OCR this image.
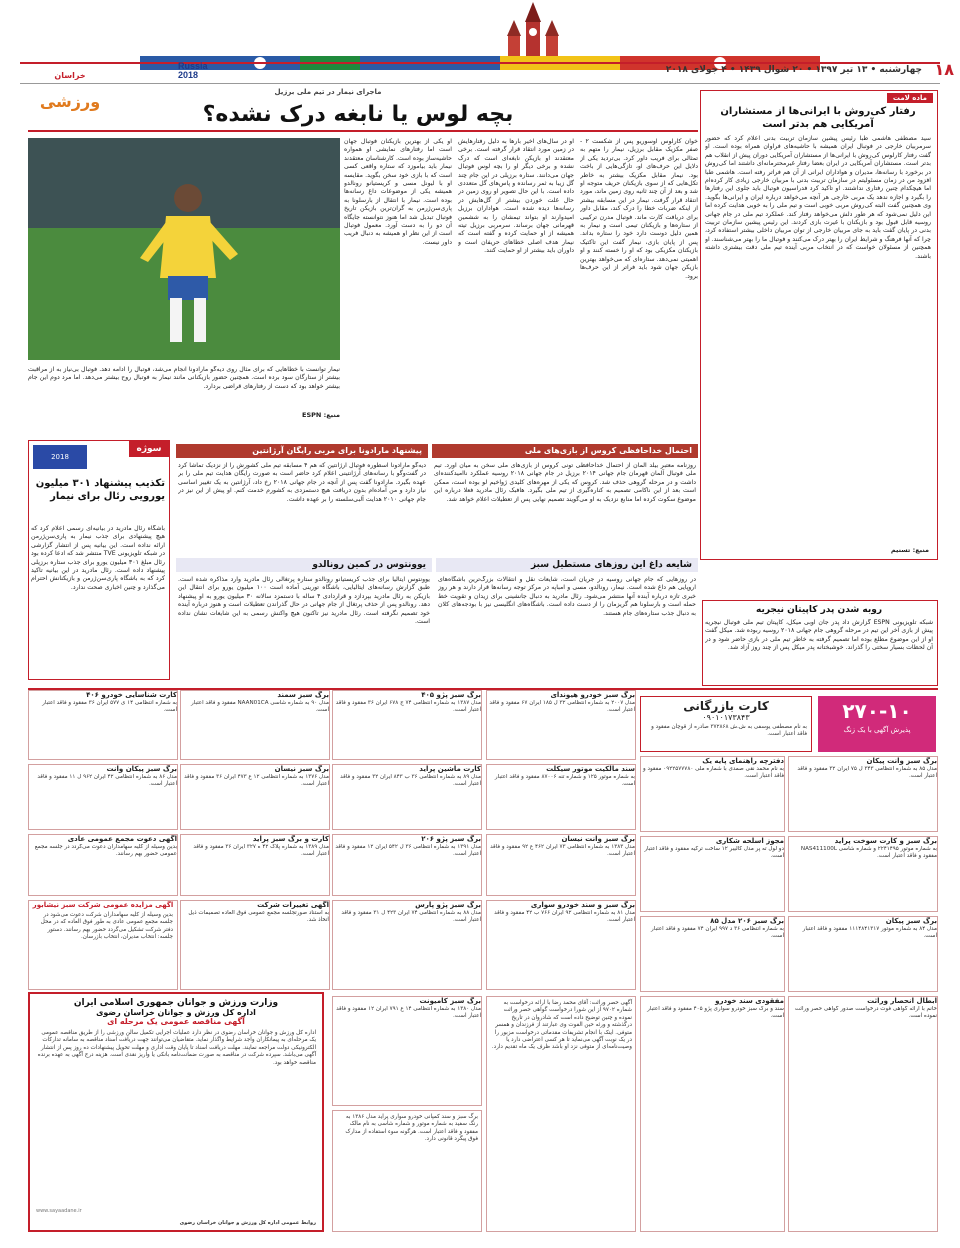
۱۸
چهارشنبه • ۱۳ تیر ۱۳۹۷ • ۲۰ شوال ۱۴۳۹ • ۴ جولای ۲۰۱۸
خراسان ورزشی
Russia 2018
ماجرای نیمار در تیم ملی برزیل
بچه لوس یا نابغه درک نشده؟
نیمار توانست با خطاهایی که برای مثال روی دیه‌گو مارادونا انجام می‌شد، فوتبال را ادامه دهد. فوتبال بی‌نیاز به از مراقبت بیشتر از ستارگان سود برده است. همچنین حضور بازیکنانی مانند نیمار به فوتبال روح بیشتر می‌دهد. اما مرد دوم این جام بیشتر خواهد بود که دست از رفتارهای قراضی بردارد.
منبع: ESPN
خوان کارلوس اوسوریو پس از شکست ۲ - صفر مکزیک مقابل برزیل، نیمار را متهم به تمثالی برای فریب داور کرد. بی‌تردید یکی از دلایل این حرف‌های او، تازگی‌هایی از باخت بود. نیمار مقابل مکزیک بیشتر به خاطر تکل‌هایی که از سوی بازیکنان حریف متوجه او شد و بعد از آن چند ثانیه روی زمین ماند، مورد انتقاد قرار گرفت. نیمار در این مسابقه بیشتر از اینکه ضربات خطا را درک کند، مقابل داور برای دریافت کارت ماند. فوتبال مدرن ترکیبی از ستاره‌ها و بازیکنان تیمی است و نیمار به همین دلیل دوست دارد خود را ستاره بداند. پس از پایان بازی، نیمار گفت این تاکتیک بازیکنان مکزیکی بود که او را خسته کنند و او اهمیتی نمی‌دهد. ستاره‌ای که می‌خواهد بهترین بازیکن جهان شود باید فراتر از این حرف‌ها برود.
او در سال‌های اخیر بارها به دلیل رفتارهایش در زمین مورد انتقاد قرار گرفته است. برخی معتقدند او بازیکن نابغه‌ای است که درک نشده و برخی دیگر او را بچه لوس فوتبال جهان می‌دانند. ستاره برزیلی در این جام چند گل زیبا به ثمر رسانده و پاس‌های گل متعددی داده است. با این حال تصویر او روی زمین در حال غلت خوردن بیشتر از گل‌هایش در رسانه‌ها دیده شده است. هواداران برزیل امیدوارند او بتواند تیمشان را به ششمین قهرمانی جهان برساند. سرمربی برزیل تیته همیشه از او حمایت کرده و گفته است که نیمار هدف اصلی خطاهای حریفان است و داوران باید بیشتر از او حمایت کنند.
او یکی از بهترین بازیکنان فوتبال جهان است اما رفتارهای نمایشی او همواره حاشیه‌ساز بوده است. کارشناسان معتقدند نیمار باید بیاموزد که ستاره واقعی کسی است که با بازی خود سخن بگوید. مقایسه او با لیونل مسی و کریستیانو رونالدو همیشه یکی از موضوعات داغ رسانه‌ها بوده است. نیمار با انتقال از بارسلونا به پاری‌سن‌ژرمن به گران‌ترین بازیکن تاریخ فوتبال تبدیل شد اما هنوز نتوانسته جایگاه آن دو را به دست آورد. معمول فوتبال است از این نظر او همیشه به دنبال فریب داور نیست.
ماده لامت
رفتار کی‌روش با ایرانی‌ها از مستشاران آمریکایی هم بدتر است
سید مصطفی هاشمی طبا رئیس پیشین سازمان تربیت بدنی اعلام کرد که حضور سرمربیان خارجی در فوتبال ایران همیشه با حاشیه‌های فراوان همراه بوده است. او گفت رفتار کارلوس کی‌روش با ایرانی‌ها از مستشاران آمریکایی دوران پیش از انقلاب هم بدتر است. مستشاران آمریکایی در ایران بعضا رفتار غیرمحترمانه‌ای داشتند اما کی‌روش در برخورد با رسانه‌ها، مدیران و هواداران ایرانی از آن هم فراتر رفته است. هاشمی طبا افزود من در زمان مسئولیتم در سازمان تربیت بدنی با مربیان خارجی زیادی کار کرده‌ام اما هیچکدام چنین رفتاری نداشتند. او تاکید کرد فدراسیون فوتبال باید جلوی این رفتارها را بگیرد و اجازه ندهد یک مربی خارجی هر آنچه می‌خواهد درباره ایران و ایرانی‌ها بگوید. وی همچنین گفت البته کی‌روش مربی خوبی است و تیم ملی را به خوبی هدایت کرده اما این دلیل نمی‌شود که هر طور دلش می‌خواهد رفتار کند. عملکرد تیم ملی در جام جهانی روسیه قابل قبول بود و بازیکنان با غیرت بازی کردند. این رئیس پیشین سازمان تربیت بدنی در پایان گفت باید به جای مربیان خارجی از توان مربیان داخلی بیشتر استفاده کرد، چرا که آنها فرهنگ و شرایط ایران را بهتر درک می‌کنند و فوتبال ما را بهتر می‌شناسند. او همچنین از مسئولان خواست که در انتخاب مربی آینده تیم ملی دقت بیشتری داشته باشند.
منبع: تسنیم
سوژه
2018
تکذیب پیشنهاد ۳۰۱ میلیون یورویی رئال برای نیمار
باشگاه رئال مادرید در بیانیه‌ای رسمی اعلام کرد که هیچ پیشنهادی برای جذب نیمار به پاری‌سن‌ژرمن ارائه نداده است. این بیانیه پس از انتشار گزارشی در شبکه تلویزیونی TVE منتشر شد که ادعا کرده بود رئال مبلغ ۳۰۱ میلیون یورو برای جذب ستاره برزیلی پیشنهاد داده است. رئال مادرید در این بیانیه تاکید کرد که به باشگاه پاری‌سن‌ژرمن و بازیکنانش احترام می‌گذارد و چنین اخباری صحت ندارد.
احتمال خداحافظی کروس از بازی‌های ملی
روزنامه معتبر بیلد آلمان از احتمال خداحافظی تونی کروس از بازی‌های ملی سخن به میان آورد. تیم ملی فوتبال آلمان قهرمان جام جهانی ۲۰۱۴ برزیل در جام جهانی ۲۰۱۸ روسیه عملکرد ناامیدکننده‌ای داشت و در مرحله گروهی حذف شد. کروس که یکی از مهره‌های کلیدی ژواخیم لو بوده است، ممکن است بعد از این ناکامی تصمیم به کناره‌گیری از تیم ملی بگیرد. هافبک رئال مادرید فعلا درباره این موضوع سکوت کرده اما منابع نزدیک به او می‌گویند تصمیم نهایی پس از تعطیلات اعلام خواهد شد.
پیشنهاد مارادونا برای مربی رایگان آرژانتین
دیه‌گو مارادونا اسطوره فوتبال آرژانتین که هم ۴ مسابقه تیم ملی کشورش را از نزدیک تماشا کرد در گفت‌وگو با رسانه‌های آرژانتینی اعلام کرد حاضر است به صورت رایگان هدایت تیم ملی را بر عهده بگیرد. مارادونا گفت پس از آنچه در جام جهانی ۲۰۱۸ رخ داد، آرژانتین به یک تغییر اساسی نیاز دارد و من آماده‌ام بدون دریافت هیچ دستمزدی به کشورم خدمت کنم. او پیش از این نیز در جام جهانی ۲۰۱۰ هدایت آلبی‌سلسته را بر عهده داشت.
یوونتوس در کمین رونالدو
یوونتوس ایتالیا برای جذب کریستیانو رونالدو ستاره پرتغالی رئال مادرید وارد مذاکره شده است. طبق گزارش رسانه‌های ایتالیایی، باشگاه تورینی آماده است ۱۰۰ میلیون یورو برای انتقال این بازیکن به رئال مادرید بپردازد و قراردادی ۴ ساله با دستمزد سالانه ۳۰ میلیون یورو به او پیشنهاد دهد. رونالدو پس از حذف پرتغال از جام جهانی در حال گذراندن تعطیلات است و هنوز درباره آینده خود تصمیم نگرفته است. رئال مادرید نیز تاکنون هیچ واکنش رسمی به این شایعات نشان نداده است.
شایعه داغ این روزهای مستطیل سبز
در روزهایی که جام جهانی روسیه در جریان است، شایعات نقل و انتقالات بزرگ‌ترین باشگاه‌های اروپایی هم داغ شده است. نیمار، رونالدو، مسی و امباپه در مرکز توجه رسانه‌ها قرار دارند و هر روز خبری تازه درباره آینده آنها منتشر می‌شود. رئال مادرید به دنبال جانشینی برای زیدان و تقویت خط حمله است و بارسلونا هم گریزمان را از دست داده است. باشگاه‌های انگلیسی نیز با بودجه‌های کلان به دنبال جذب ستاره‌های جام هستند.	روبه شدن پدر کاپیتان نیجریه
شبکه تلویزیونی ESPN گزارش داد پدر جان اوبی میکل، کاپیتان تیم ملی فوتبال نیجریه پیش از بازی آخر این تیم در مرحله گروهی جام جهانی ۲۰۱۸ روسیه ربوده شد. میکل گفت او از این موضوع مطلع بوده اما تصمیم گرفته به خاطر تیم ملی در بازی حاضر شود و در آن لحظات بسیار سختی را گذراند. خوشبختانه پدر میکل پس از چند روز آزاد شد.
۲۷۰-۱۰
پذیرش آگهی با یک زنگ
کارت بازرگانی
۰۹۰۱۰۱۷۳۸۴۳
به نام مصطفی یوسفی به ش.ش ۳۷۲۸۶۸ صادره از قوچان مفقود و فاقد اعتبار است.
وزارت ورزش و جوانان جمهوری اسلامی ایران
اداره کل ورزش و جوانان خراسان رضوی
آگهی مناقصه عمومی یک مرحله ای
اداره کل ورزش و جوانان خراسان رضوی در نظر دارد عملیات اجرایی تکمیل سالن ورزشی را از طریق مناقصه عمومی یک مرحله‌ای به پیمانکاران واجد شرایط واگذار نماید. متقاضیان می‌توانند جهت دریافت اسناد مناقصه به سامانه تدارکات الکترونیکی دولت مراجعه نمایند. مهلت دریافت اسناد تا پایان وقت اداری و مهلت تحویل پیشنهادات ده روز پس از انتشار آگهی می‌باشد. سپرده شرکت در مناقصه به صورت ضمانت‌نامه بانکی یا واریز نقدی است. هزینه درج آگهی به عهده برنده مناقصه خواهد بود.
www.sayaadane.ir
روابط عمومی اداره کل ورزش و جوانان خراسان رضوی
آگهی مزایده عمومی شرکت سبز نیشابور
بدین وسیله از کلیه سهامداران شرکت دعوت می‌شود در جلسه مجمع عمومی عادی به طور فوق العاده که در محل دفتر شرکت تشکیل می‌گردد حضور بهم رسانند. دستور جلسه: انتخاب مدیران، انتخاب بازرسان.
دفترچه راهنمای پایه یک
به نام محمد نقی صمدی با شماره ملی ۰۹۲۲۵۷۷۷۸۰ مفقود و فاقد اعتبار است.
برگ سبز وانت پیکان
مدل ۸۵ به شماره انتظامی ۳۴۳ ل ۷۵ ایران ۳۲ مفقود و فاقد اعتبار است.
برگ سبز و کارت سوخت پراید
به شماره موتور ۲۲۴۱۴۹۵ و شماره شاسی NAS411100L مفقود و فاقد اعتبار است.
برگ سبز خودرو هیوندای
مدل ۲۰۰۷ به شماره انتظامی ۳۲ ل ۱۸۵ ایران ۶۷ مفقود و فاقد اعتبار است.
برگ سبز پژو ۴۰۵
مدل ۱۳۸۷ به شماره انتظامی ۷۴ ج ۶۷۸ ایران ۳۶ مفقود و فاقد اعتبار است.
کارت شناسایی خودرو ۴۰۶
به شماره انتظامی ۱۴ ی ۵۷۷ ایران ۳۶ مفقود و فاقد اعتبار است.
برگ سبز پیکان وانت
مدل ۸۶ به شماره انتظامی ۴۲ ایران ۹۶۲ ل ۱۱ مفقود و فاقد اعتبار است.
برگ سبز سمند
مدل ۹۰ به شماره شاسی NAAN01CA مفقود و فاقد اعتبار است.
آگهی دعوت مجمع عمومی عادی
بدین وسیله از کلیه سهامداران دعوت می‌گردد در جلسه مجمع عمومی حضور بهم رسانند.
برگ سبز نیسان
مدل ۱۳۷۶ به شماره انتظامی ۱۲ ع ۴۷۳ ایران ۳۶ مفقود و فاقد اعتبار است.
کارت ماشین پراید
مدل ۸۹ به شماره انتظامی ۳۶ ب ۸۴۳ ایران ۳۲ مفقود و فاقد اعتبار است.
سند مالکیت موتور سیکلت
به شماره موتور ۱۲۵ و شماره تنه ۸۷۰۰۶ مفقود و فاقد اعتبار است.
مجوز اسلحه شکاری
دو لول ته پر مدل کالیبر ۱۲ ساخت ترکیه مفقود و فاقد اعتبار است.
برگ سبز وانت نیسان
مدل ۱۳۸۳ به شماره انتظامی ۷۳ ایران ۴۶۲ ع ۹۲ مفقود و فاقد اعتبار است.
برگ سبز پژو ۲۰۶
مدل ۱۳۹۱ به شماره انتظامی ۳۶ ل ۵۴۲ ایران ۱۲ مفقود و فاقد اعتبار است.
کارت و برگ سبز پراید
مدل ۱۳۸۹ به شماره پلاک ۴۲ ه ۳۲۷ ایران ۳۶ مفقود و فاقد اعتبار است.
آگهی تغییرات شرکت
به استناد صورتجلسه مجمع عمومی فوق العاده تصمیمات ذیل اتخاذ شد.
برگ سبز پژو پارس
مدل ۸۸ به شماره انتظامی ۷۴ ایران ۴۲۳ ل ۳۱ مفقود و فاقد اعتبار است.
برگ سبز و سند خودرو سواری
مدل ۸۱ به شماره انتظامی ۹۲ ایران ۷۶۶ ب ۴۲ مفقود و فاقد اعتبار است.	برگ سبز ۲۰۶ مدل ۸۵
به شماره انتظامی ۳۶ د ۹۹۷ ایران ۷۴ مفقود و فاقد اعتبار است.
برگ سبز پیکان
مدل ۸۴ به شماره موتور ۱۱۱۴۸۴۱۳۱۷ مفقود و فاقد اعتبار است.
ابطال انحصار وراثت
خانم با ارائه گواهی فوت درخواست صدور گواهی حصر وراثت نموده است.
برگ سبز کامیونت
مدل ۱۳۸۰ به شماره انتظامی ۱۴ ع ۷۹۱ ایران ۱۲ مفقود و فاقد اعتبار است.
مفقودی سند خودرو
سند و برگ سبز خودرو سواری پژو ۴۰۵ مفقود و فاقد اعتبار است.
آگهی حصر وراثت: آقای محمد رضا با ارائه درخواست به شماره ۹۷۰۲ از این شورا درخواست گواهی حصر وراثت نموده و چنین توضیح داده است که شادروان در تاریخ درگذشته و ورثه حین الفوت وی عبارتند از فرزندان و همسر متوفی. اینک با انجام تشریفات مقدماتی درخواست مزبور را در یک نوبت آگهی می‌نماید تا هر کسی اعتراضی دارد یا وصیت‌نامه‌ای از متوفی نزد او باشد ظرف یک ماه تقدیم دارد.
برگ سبز و سند کمپانی خودرو سواری پراید مدل ۱۳۸۶ به رنگ سفید به شماره موتور و شماره شاسی به نام مالک مفقود و فاقد اعتبار است. هرگونه سوء استفاده از مدارک فوق پیگرد قانونی دارد.
